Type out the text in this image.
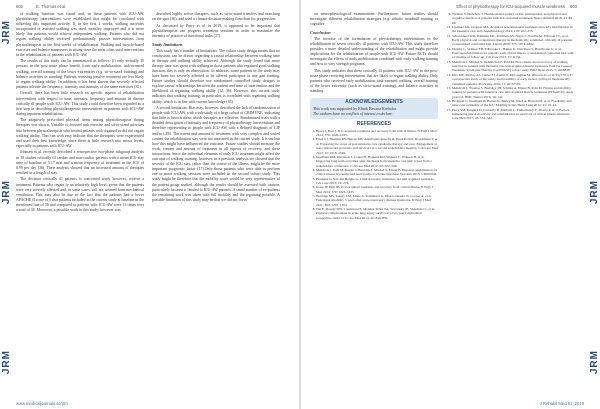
JRM
JRM
JRM
602	E. Thomas et al.

of walking function was found and, in these patients with ICU-AW, physiotherapy interventions were established that might be correlated with achieving this important activity. If, in the first 2 weeks, walking activities incorporated or assisted walking was used, mobility improved and it is more likely that patients would achieve independent walking. Patients who did not regain walking ability received predominantly passive interventions from physiotherapists in the first weeks of rehabilitation. Walking and bicycle-based exercises and balance maneuvers in sitting were the most often used interventions in the rehabilitation of patients with ICU-AW.

The results of this study can be summarized as follows: (i) only virtually 10 persons in the post-acute phase benefit from early mobilization, task-oriented walking, overall training of the lower extremities (e.g. sit-to-stand training) and balance activities in standing. Patients receiving passive treatment are less likely to regain walking ability. In addition, it has been shown that severely affected patients tolerate the frequency, intensity and intensity of the same exercises (35).

Overall, there has been little research on specific aspects of rehabilitation interventions with respect to time, intensity, frequency and amount in disease critically ill people with ICU-AW. This study could therefore been regarded as a first step in describing physiotherapeutic interventions in patients with ICU-AW during inpatient rehabilitation.

The adaptively prescribed physical items among physiotherapists during therapies was shown. Variable or focused task exercise and sit-to-stand activities into between physiotherapists who treated patients with regained or did not regain walking ability. This can with easy indicate that the therapists were experienced and used their best knowledge, since there is little research into motor levels, especially in patients with ICU-AW.

Johnsen et al. recently described a retrospective two-phase subgroup analysis in 18 studies critically ill cardiac and non-cardiac patients with a mean ICU-stay time of baseline of 51.7 min and a mean frequency of treatment in the ICU of 0.99 per day (36). Their analysis showed that an increased amount of therapies resulted in a length of stay.

The decision critically ill patients is concerned study however, receive a treatment. Patients who regain ly an relatively high level, given that the patients were very severely affected and, in some cases, still not weaned from mechanical ventilation. This may also be due to the fact that the patients had a lower APACHE II score of 6 that patients included in the current study at baseline in the mentioned line of 56 and compared to patients with ICU-AW were 13 times over a total of 30. Moreover, a possible work in this study; however was

described highly active therapies, such as sit-to-stand transfers and marching on the spot (36), and used a climate decision-making flowchart for progression.

As discussed by Parry et al. in 2019, it appeared to be important that physiotherapists can progress treatment sessions in order to maximize the intensity of practice of functional tasks (37).

Study limitations

This study has a number of limitations. The cohort study design means that no conclusions can be drawn regarding a causal relationship between walking time in therapy and walking ability achieved. Although the study found that more therapy time was spent with walking in those patients who regained good walking function, this is only an observation. In addition, some patients in the study may have been too severely affected to be offered participate in any gait training. Future studies should therefore use randomized controlled study designs to explore causal relationships between the content and time of intervention and the likelihood of regaining walking ability (12, 36). However, this current study indicates that walking training, in particular, is correlated with regaining walking ability, which is in line with current knowledge (35).

A second limitation: Bias may, however, described the lack of randomization of people with ICU-AW, with a sub-study of a large cohort of CRIMYNE, indicating that little is known about which therapies are effective. Randomized trials with a detailed description of intensity and frequency of physiotherapy interventions and therefore representing to people with ICU-AW with a defined diagnosis of CIP and/or CIM. The extent and amount of treatment with very complex and varied content the rehabilitation stay were not measured in the current study. It is unclear how this might have influenced the outcome. Future studies should measure the work, content and amount of treatment in all aspects of recovery, and these interactions. Since the individual elements of early ICU treatment might affect the outcome of walking training, however, in a previous analysis we showed that the severity of the ICU stay, rather than the course of the illness, might be the more important prognostic factor (17).Only those patients who were able to perform one or more walking sessions were included in the second cohort study. This study might be therefore that the mobility score would be very representative of the patient group studied, although the results should be assessed with caution, particularly because it limited to ICU-AW patients. A small number of ex-patients the remaining work was taken with full mobility and the regaining possible. A possible limitation of this study may be that we did not focus

www.medicaljournals.se/jrm
JRM
JRM
JRM
Effect of physiotherapy for ICU-acquired muscle weakness 603

on neurophysiological examinations. Furthermore, future studies should investigate different rehabilitation strategies (e.g. robotic treadmill training or cognitive.

Conclusion

The increase of the formulation of physiotherapy interventions in the rehabilitation of seven critically ill patients with ICU-AW. This study therefore provides a more detailed understanding of the rehabilitation and might provide implications for the rehabilitation of people with ICU-AW. Future RCTs should investigate the effects of early mobilization combined with early walking training and how to vary strength programs.

This study indicates that these critically ill patients with ICU-AW in the post-acute phase receiving interventions that are likely to regain walking ability. Only patients who received early mobilization, task-oriented walking, overall training of the lower extremity (such as sit-to-stand training), and balance activities in standing.

ACKNOWLEDGEMENTS
This work was supported by Klinik Bavaria Kreischa.
The authors have no conflicts of interest to declare.
REFERENCES
1. Herey I, Hall J. ICU-acquired weakness and recovery from critical illness. N Engl J Med 2014; 370: 1626–1635.
2. Fried GJ, Bauman RS, Herran MS, Annelvenbogerschy R, Hopkins RO, Dowdmann T, et al. Exploring the scope of post-intensive care syndrome therapy and care: Engagement of non-critical care providers and survivors in a second stakeholders meeting. Crit Care Med 2014; 42: 2518–2526.
3. Needham DM, Davidson J, Cohen H, Hopkins RO, Weinert C, Wunsch H, et al. Improving long-term outcomes after discharge from intensive care unit: report from a stakeholders conference. Crit Care Med 2012; 40: 502–509.
4. Mehrholz J, Pohl M, Kugler J, Burridge J, Mückel S, Elsner B. Physical rehabilitation for critical illness myopathy and neuropathy. Cochrane Database Syst Rev 2015: CD010942.
5. Hermans G, Van den Berghe G. Clinical review: intensive care unit acquired weakness. Crit Care 2015; 19: 274.
6. Kress JP, Hall JB. ICU-acquired weakness and recovery from critical illness. N Engl J Med 2014; 370: 1626–1635.
7. Herridge MS, Tansey CM, Matte A, Tomlinson G, Diaz-Granados N, Cooper A, et al. Functional disability 5 years after acute respiratory distress syndrome. N Engl J Med 2011; 364: 1293–1304.
8. Fan E, Dowdy DW, Colantuoni E, Mendez-Tellez PA, Sevransky JE, Shanholtz C, et al. Physical complications in acute lung injury survivors: a two-year longitudinal prospective study. Crit Care Med 2014; 42: 849–859.
9. Thomas S, Mehrholz J. Health-related quality of life, participation, and physical and cognitive function of patients with ICU-acquired weakness. Neuro-Rehabil 2018; 43: 89–96.
10. Lipshutz AK, Gropper MA. Acquired neuromuscular weakness and early mobilization in the intensive care unit. Anesthesiology 2013; 118: 202–215.
11. Schweickert WD, Pohlman MC, Pohlman AS, Nigos C, Pawlik AJ, Esbrook CL, et al. Early physical and occupational therapy in mechanically ventilated, critically ill patients: a randomised controlled trial. Lancet 2009; 373: 1874–1882.
12. Denehy L, Skinner EH, Edbrooke L, Haines K, Warrillow S, Hawthorne G, et al. Exercise rehabilitation for patients with critical illness: a randomized controlled trial with 12 months of follow-up. Crit Care 2013; 17: R156.
13. Mehrholz J, Mückel S, Oehmichen F, Pohl M. First results about recovery of walking function in patients with intensive care unit-acquired muscle weakness from the General Weakness Syndrome Therapy (GymNAST) cohort study. BMJ Open 2015; 5: e008828.
14. Kho ME, Molloy AJ, Clarke FJ, Ajami D, McCaughan M, Obrovac K, et al. TryCYCLE: a prospective study of the safety and feasibility of early in-bed cycling in mechanically ventilated patients. PLoS One 2016; 11: e0167561.
15. Mehrholz J, Thomas S, Burridge JH, Schmitt A, Elsner B, Pohl M. Fitness and mobility training in patients with intensive care unit-acquired muscle weakness (FITonICU): study protocol. BMC Neurol 2016; 16: 141.
16. Hodgson C, Needham D, Haines K, Bailey M, Ward A, Harrold M, et al. Feasibility and inter-rater reliability of the ICU Mobility Scale. Heart Lung 2014; 43: 19–24.
17. Parry SM, Knight LD, Connolly B, Baldwin C, Puthucheary Z, Morris P, et al. Factors influencing physical activity and rehabilitation in survivors of critical illness. Intensive Care Med 2017; 43: 531–542.
J Rehabil Med 51, 2019
